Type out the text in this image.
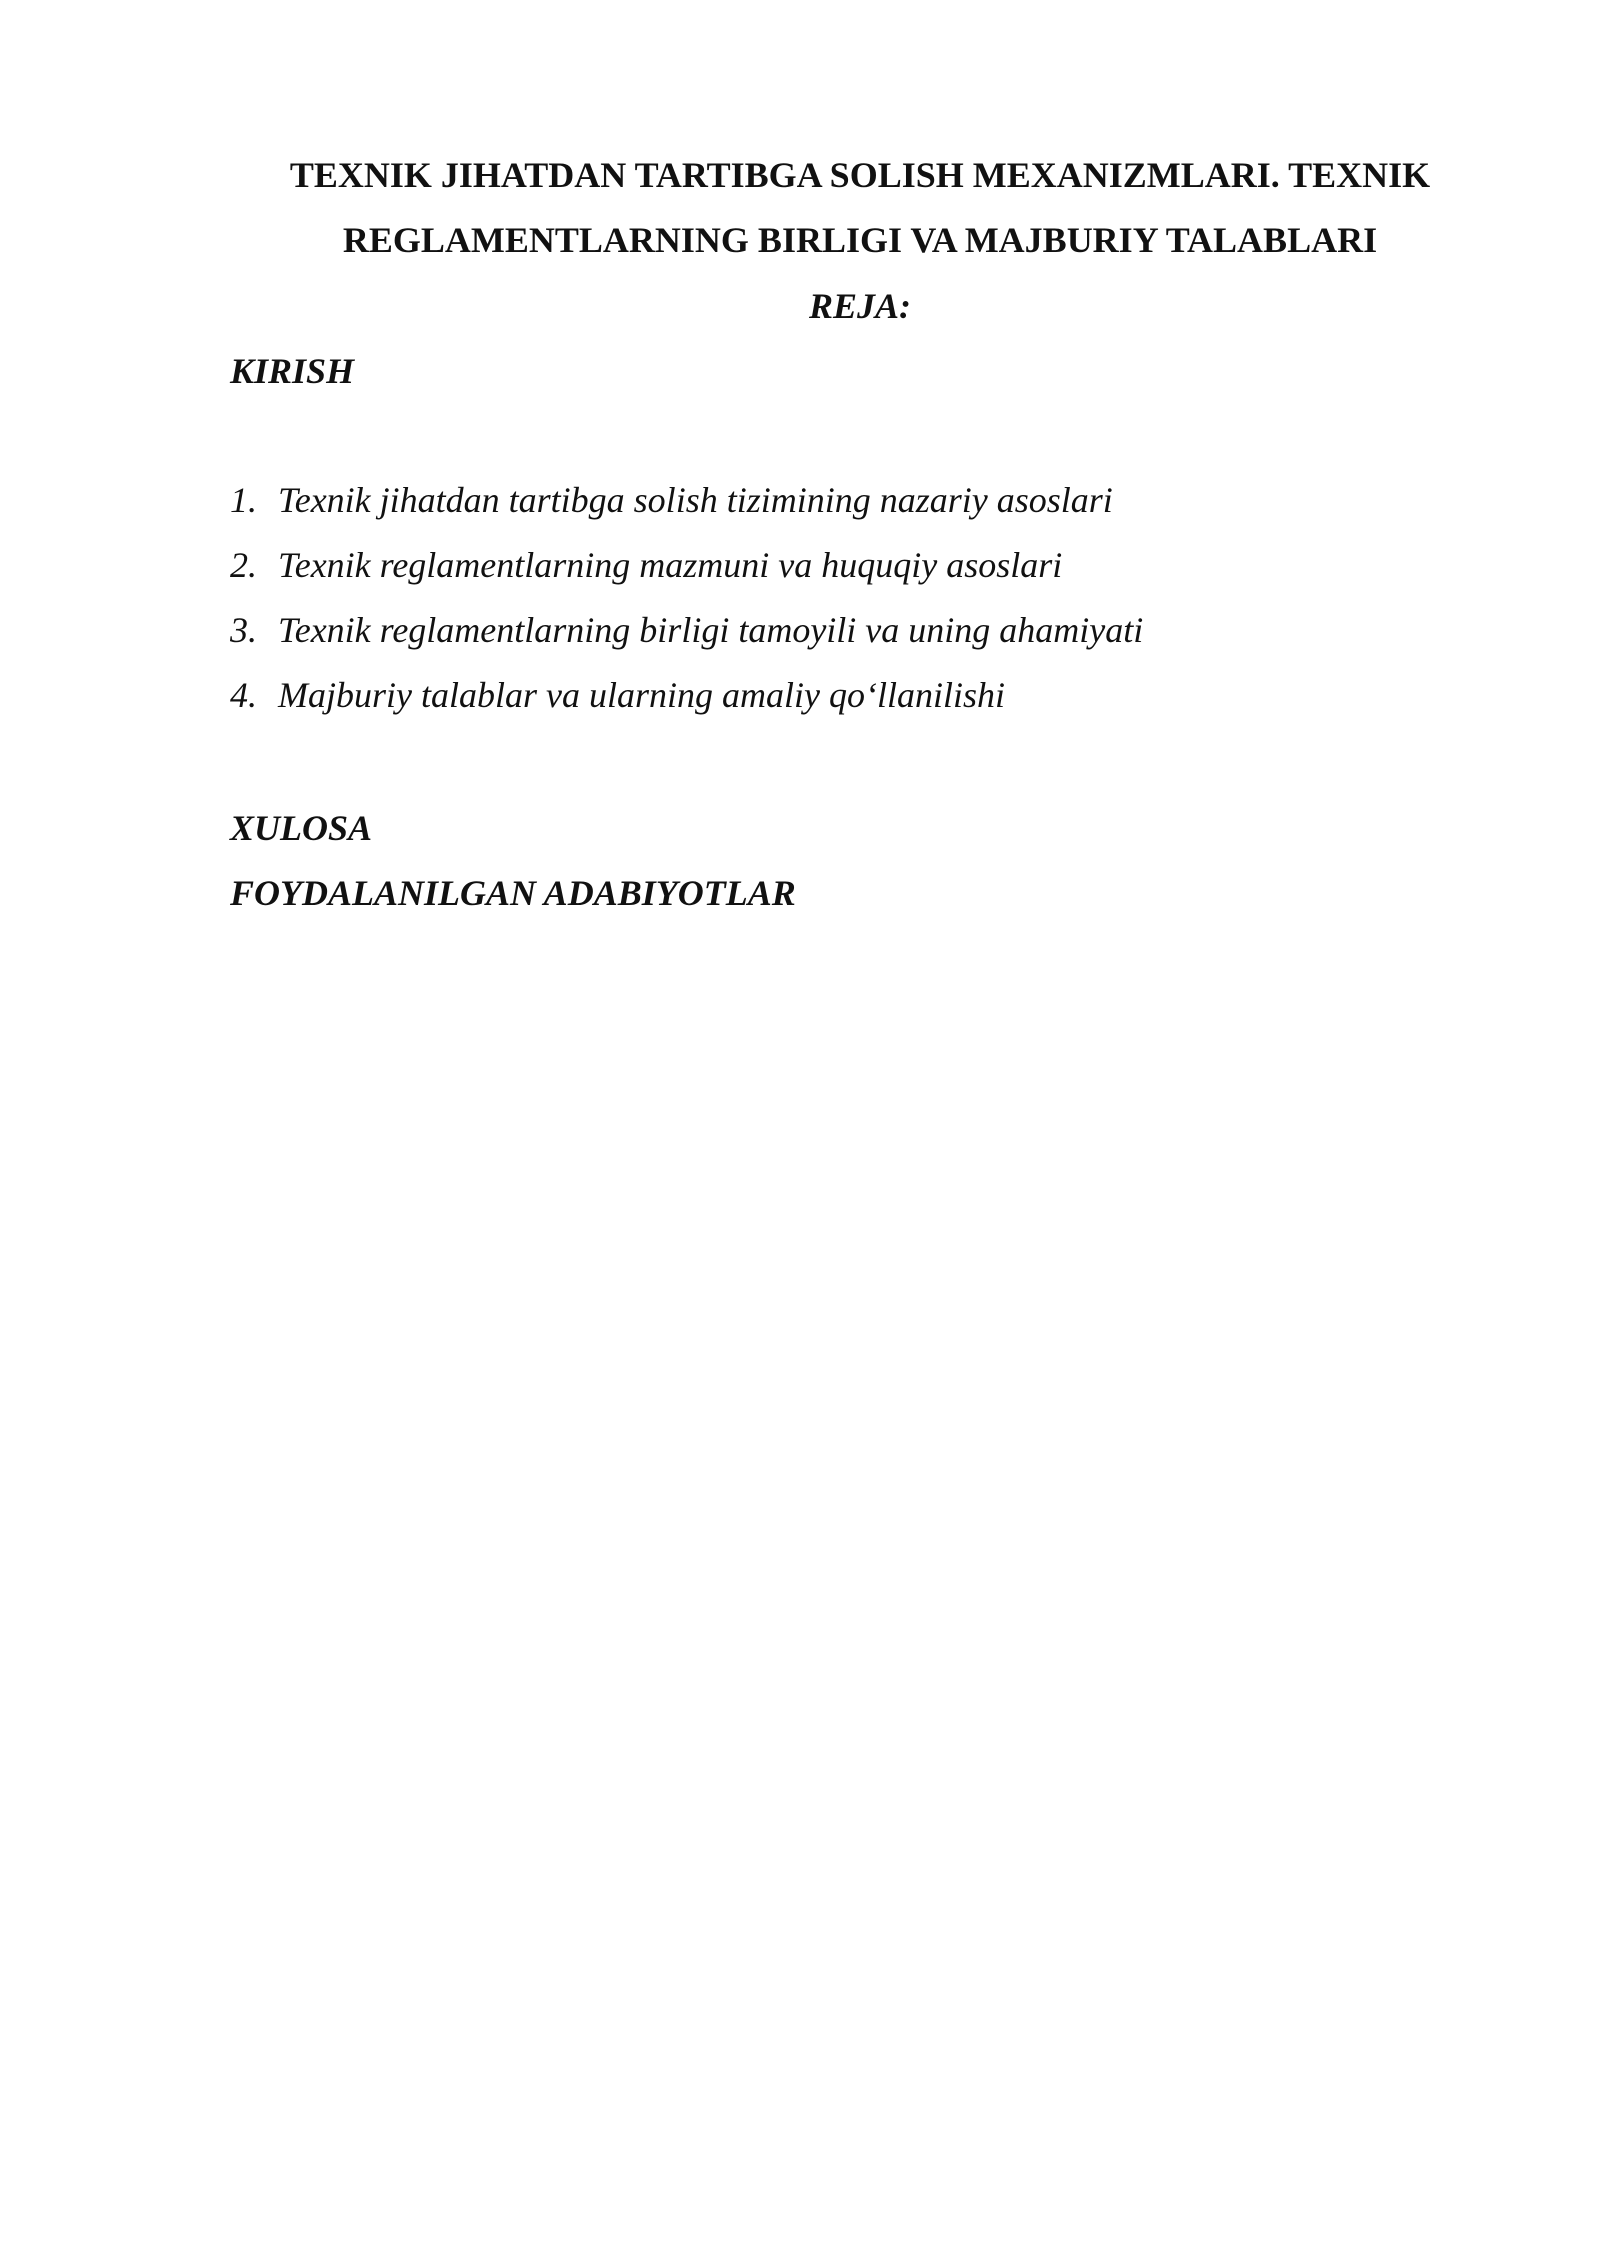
TEXNIK JIHATDAN TARTIBGA SOLISH MEXANIZMLARI. TEXNIK
REGLAMENTLARNING BIRLIGI VA MAJBURIY TALABLARI
REJA:
KIRISH
1. Texnik jihatdan tartibga solish tizimining nazariy asoslari
2. Texnik reglamentlarning mazmuni va huquqiy asoslari
3. Texnik reglamentlarning birligi tamoyili va uning ahamiyati
4. Majburiy talablar va ularning amaliy qo‘llanilishi
XULOSA
FOYDALANILGAN ADABIYOTLAR
